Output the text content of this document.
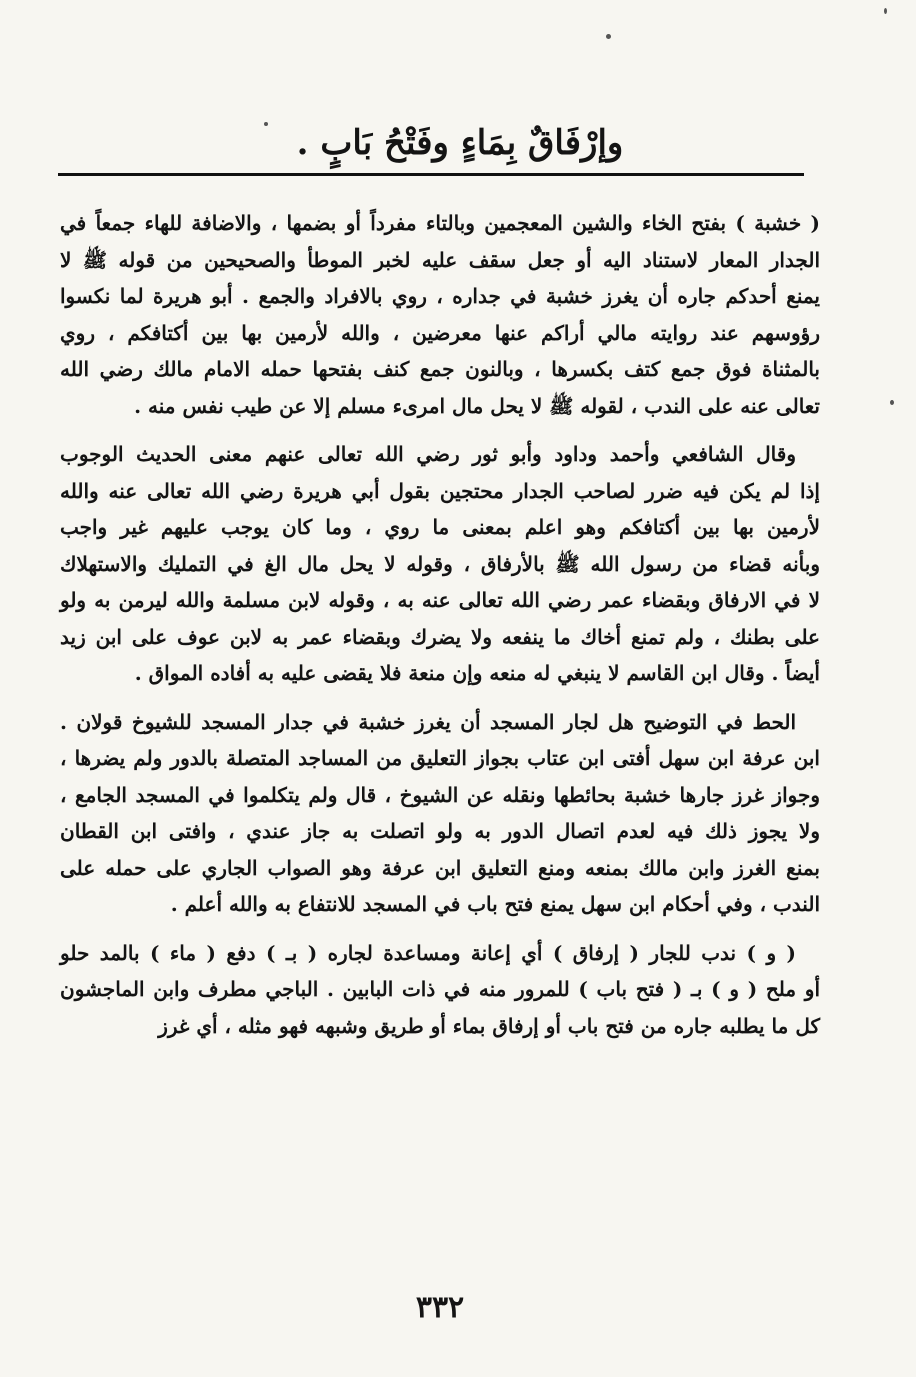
وإرْفَاقٌ بِمَاءٍ وفَتْحُ بَابٍ .
( خشبة ) بفتح الخاء والشين المعجمين وبالتاء مفرداً أو بضمها ، والاضافة للهاء جمعاً في
الجدار المعار لاستناد اليه أو جعل سقف عليه لخبر الموطأ والصحيحين من قوله ﷺ لا
يمنع أحدكم جاره أن يغرز خشبة في جداره ، روي بالافراد والجمع . أبو هريرة لما نكسوا
رؤوسهم عند روايته مالي أراكم عنها معرضين ، والله لأرمين بها بين أكتافكم ، روي
بالمثناة فوق جمع كتف بكسرها ، وبالنون جمع كنف بفتحها حمله الامام مالك رضي الله
تعالى عنه على الندب ، لقوله ﷺ لا يحل مال امرىء مسلم إلا عن طيب نفس منه .
وقال الشافعي وأحمد وداود وأبو ثور رضي الله تعالى عنهم معنى الحديث الوجوب
إذا لم يكن فيه ضرر لصاحب الجدار محتجين بقول أبي هريرة رضي الله تعالى عنه والله
لأرمين بها بين أكتافكم وهو اعلم بمعنى ما روي ، وما كان يوجب عليهم غير واجب
وبأنه قضاء من رسول الله ﷺ بالأرفاق ، وقوله لا يحل مال الغ في التمليك والاستهلاك
لا في الارفاق وبقضاء عمر رضي الله تعالى عنه به ، وقوله لابن مسلمة والله ليرمن به ولو
على بطنك ، ولم تمنع أخاك ما ينفعه ولا يضرك وبقضاء عمر به لابن عوف على ابن زيد
أيضاً . وقال ابن القاسم لا ينبغي له منعه وإن منعة فلا يقضى عليه به أفاده المواق .
الحط في التوضيح هل لجار المسجد أن يغرز خشبة في جدار المسجد للشيوخ قولان .
ابن عرفة ابن سهل أفتى ابن عتاب بجواز التعليق من المساجد المتصلة بالدور ولم يضرها ،
وجواز غرز جارها خشبة بحائطها ونقله عن الشيوخ ، قال ولم يتكلموا في المسجد الجامع ،
ولا يجوز ذلك فيه لعدم اتصال الدور به ولو اتصلت به جاز عندي ، وافتى ابن القطان
بمنع الغرز وابن مالك بمنعه ومنع التعليق ابن عرفة وهو الصواب الجاري على حمله على
الندب ، وفي أحكام ابن سهل يمنع فتح باب في المسجد للانتفاع به والله أعلم .
( و ) ندب للجار ( إرفاق ) أي إعانة ومساعدة لجاره ( بـ ) دفع ( ماء ) بالمد حلو
أو ملح ( و ) بـ ( فتح باب ) للمرور منه في ذات البابين . الباجي مطرف وابن الماجشون
كل ما يطلبه جاره من فتح باب أو إرفاق بماء أو طريق وشبهه فهو مثله ، أي غرز
٣٣٢
